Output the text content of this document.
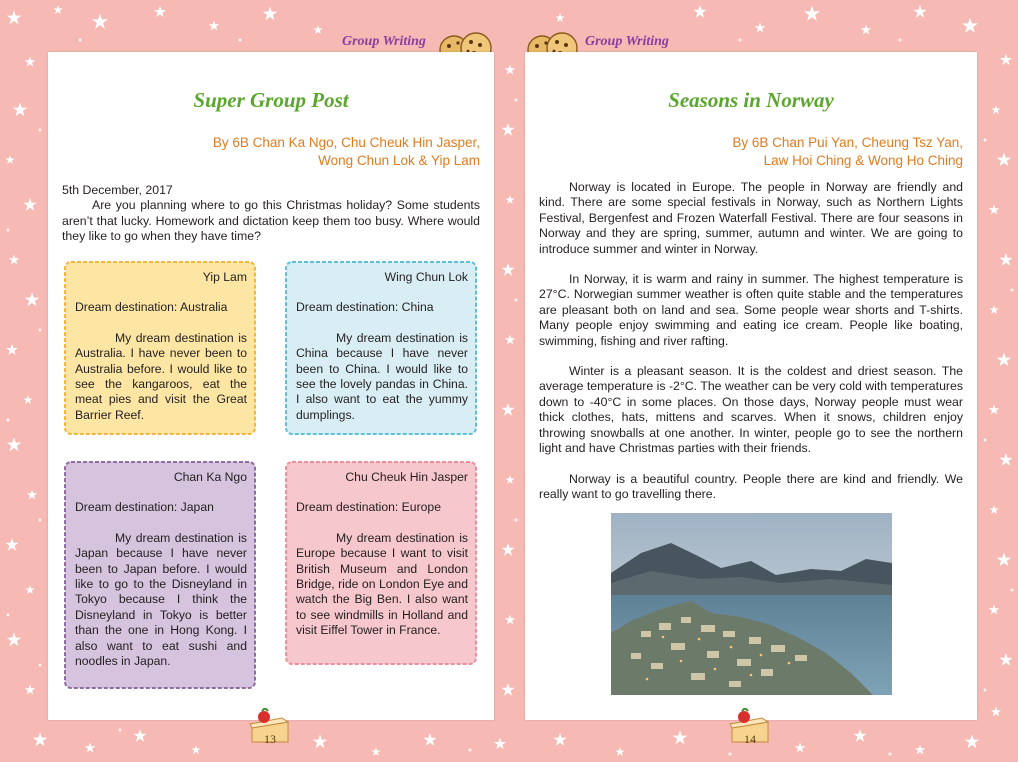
Group Writing	Group Writing
Super Group Post
By 6B Chan Ka Ngo, Chu Cheuk Hin Jasper,
Wong Chun Lok & Yip Lam

5th December, 2017

Are you planning where to go this Christmas holiday? Some students aren’t that lucky. Homework and dictation keep them too busy. Where would they like to go when they have time?

Yip Lam
Dream destination: Australia
My dream destination is Australia. I have never been to Australia before. I would like to see the kangaroos, eat the meat pies and visit the Great Barrier Reef.
Wing Chun Lok
Dream destination: China
My dream destination is China because I have never been to China. I would like to see the lovely pandas in China. I also want to eat the yummy dumplings.
Chan Ka Ngo
Dream destination: Japan
My dream destination is Japan because I have never been to Japan before. I would like to go to the Disneyland in Tokyo because I think the Disneyland in Tokyo is better than the one in Hong Kong. I also want to eat sushi and noodles in Japan.
Chu Cheuk Hin Jasper
Dream destination: Europe
My dream destination is Europe because I want to visit British Museum and London Bridge, ride on London Eye and watch the Big Ben. I also want to see windmills in Holland and visit Eiffel Tower in France.
Seasons in Norway
By 6B Chan Pui Yan, Cheung Tsz Yan,
Law Hoi Ching & Wong Ho Ching

Norway is located in Europe. The people in Norway are friendly and kind. There are some special festivals in Norway, such as Northern Lights Festival, Bergenfest and Frozen Waterfall Festival. There are four seasons in Norway and they are spring, summer, autumn and winter. We are going to introduce summer and winter in Norway.

In Norway, it is warm and rainy in summer. The highest temperature is 27°C. Norwegian summer weather is often quite stable and the temperatures are pleasant both on land and sea. Some people wear shorts and T-shirts. Many people enjoy swimming and eating ice cream. People like boating, swimming, fishing and river rafting.

Winter is a pleasant season. It is the coldest and driest season. The average temperature is -2°C. The weather can be very cold with temperatures down to -40°C in some places. On those days, Norway people must wear thick clothes, hats, mittens and scarves. When it snows, children enjoy throwing snowballs at one another. In winter, people go to see the northern light and have Christmas parties with their friends.

Norway is a beautiful country. People there are kind and friendly. We really want to go travelling there.

13	14
